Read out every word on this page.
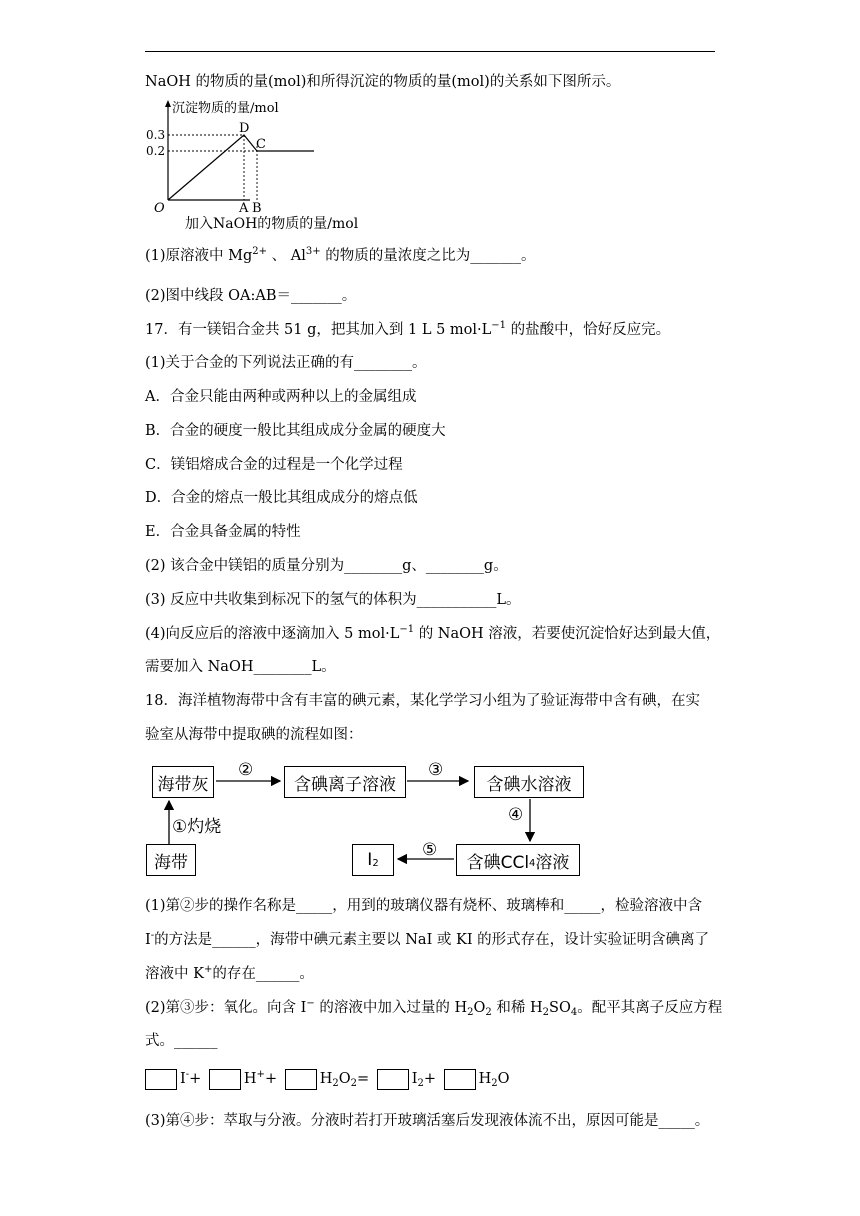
NaOH 的物质的量(mol)和所得沉淀的物质的量(mol)的关系如下图所示。
沉淀物质的量/mol
0.3
0.2
D
C
O	A B
加入NaOH的物质的量/mol
(1)原溶液中 $Mg^{2+}$ 、 $Al^{3+}$ 的物质的量浓度之比为_______。
(2)图中线段 OA:AB＝_______。
17．有一镁铝合金共 51 g，把其加入到 1 L 5 $mol\cdot L^{-1}$ 的盐酸中，恰好反应完。
(1)关于合金的下列说法正确的有________。
A．合金只能由两种或两种以上的金属组成
B．合金的硬度一般比其组成成分金属的硬度大
C．镁铝熔成合金的过程是一个化学过程
D．合金的熔点一般比其组成成分的熔点低
E．合金具备金属的特性
(2) 该合金中镁铝的质量分别为________g、________g。
(3) 反应中共收集到标况下的氢气的体积为___________L。
(4)向反应后的溶液中逐滴加入 5 $mol\cdot L^{-1}$ 的 NaOH 溶液，若要使沉淀恰好达到最大值，
需要加入 NaOH________L。
18．海洋植物海带中含有丰富的碘元素，某化学学习小组为了验证海带中含有碘，在实
验室从海带中提取碘的流程如图：
海带灰	含碘离子溶液	含碘水溶液
含碘CCl 4 溶液
I 2
海带
②	③
④
⑤
①灼烧
(1)第②步的操作名称是_____，用到的玻璃仪器有烧杯、玻璃棒和_____，检验溶液中含
I-的方法是______，海带中碘元素主要以 NaI 或 KI 的形式存在，设计实验证明含碘离了
溶液中 K+的存在______。
(2)第③步：氧化。向含 I− 的溶液中加入过量的 $H_2O_2$ 和稀 $H_2SO_4$。配平其离子反应方程
式。______
I-+	H++	$H_2O_2=$	$I_2+$	$H_2O$
(3)第④步：萃取与分液。分液时若打开玻璃活塞后发现液体流不出，原因可能是_____。
